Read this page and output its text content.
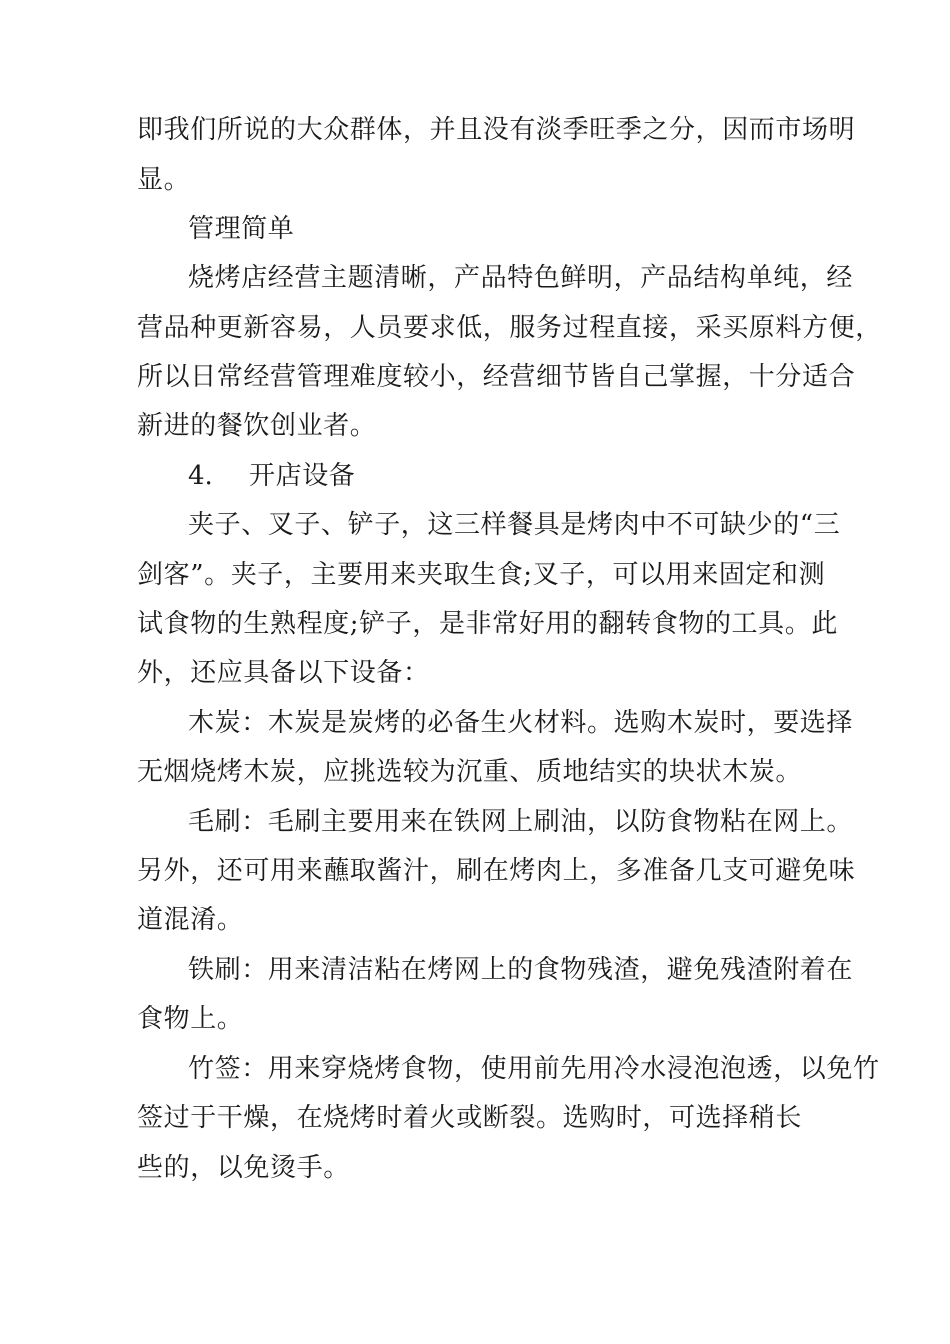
即我们所说的大众群体，并且没有淡季旺季之分，因而市场明
显。
管理简单
烧烤店经营主题清晰，产品特色鲜明，产品结构单纯，经
营品种更新容易，人员要求低，服务过程直接，采买原料方便，
所以日常经营管理难度较小，经营细节皆自己掌握，十分适合
新进的餐饮创业者。
4. 开店设备
夹子、叉子、铲子，这三样餐具是烤肉中不可缺少的“三
剑客”。夹子，主要用来夹取生食;叉子，可以用来固定和测
试食物的生熟程度;铲子，是非常好用的翻转食物的工具。此
外，还应具备以下设备：
木炭：木炭是炭烤的必备生火材料。选购木炭时，要选择
无烟烧烤木炭，应挑选较为沉重、质地结实的块状木炭。
毛刷：毛刷主要用来在铁网上刷油，以防食物粘在网上。
另外，还可用来蘸取酱汁，刷在烤肉上，多准备几支可避免味
道混淆。
铁刷：用来清洁粘在烤网上的食物残渣，避免残渣附着在
食物上。
竹签：用来穿烧烤食物，使用前先用冷水浸泡泡透，以免竹
签过于干燥，在烧烤时着火或断裂。选购时，可选择稍长
些的，以免烫手。
